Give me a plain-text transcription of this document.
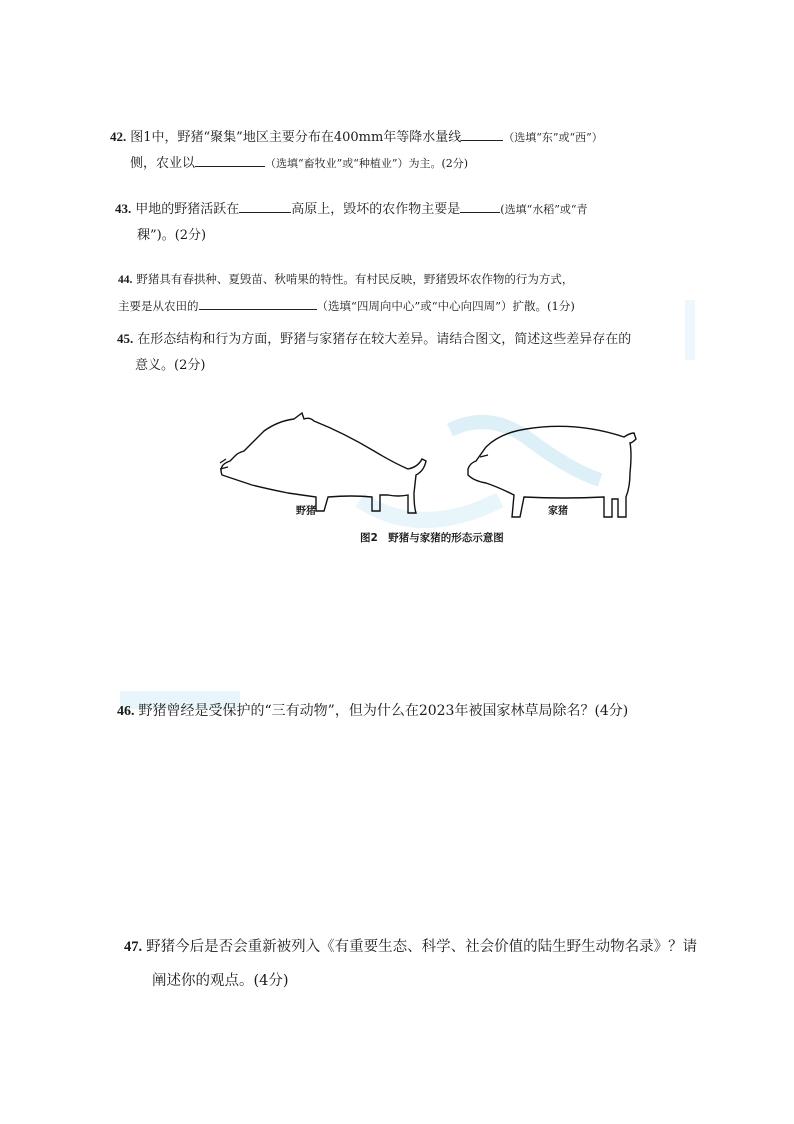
42. 图1中，野猪“聚集”地区主要分布在400mm年等降水量线	（选填“东”或“西”）
侧，农业以	（选填“畜牧业”或“种植业”）为主。(2分)
43. 甲地的野猪活跃在	高原上，毁坏的农作物主要是	(选填“水稻”或“青
稞”)。(2分)
44. 野猪具有春拱种、夏毁苗、秋啃果的特性。有村民反映，野猪毁坏农作物的行为方式，
主要是从农田的	（选填“四周向中心”或“中心向四周”）扩散。(1分)
45. 在形态结构和行为方面，野猪与家猪存在较大差异。请结合图文，简述这些差异存在的
意义。(2分)
野猪	家猪
图2　野猪与家猪的形态示意图
46. 野猪曾经是受保护的“三有动物”，但为什么在2023年被国家林草局除名？(4分)
47. 野猪今后是否会重新被列入《有重要生态、科学、社会价值的陆生野生动物名录》？请
阐述你的观点。(4分)
